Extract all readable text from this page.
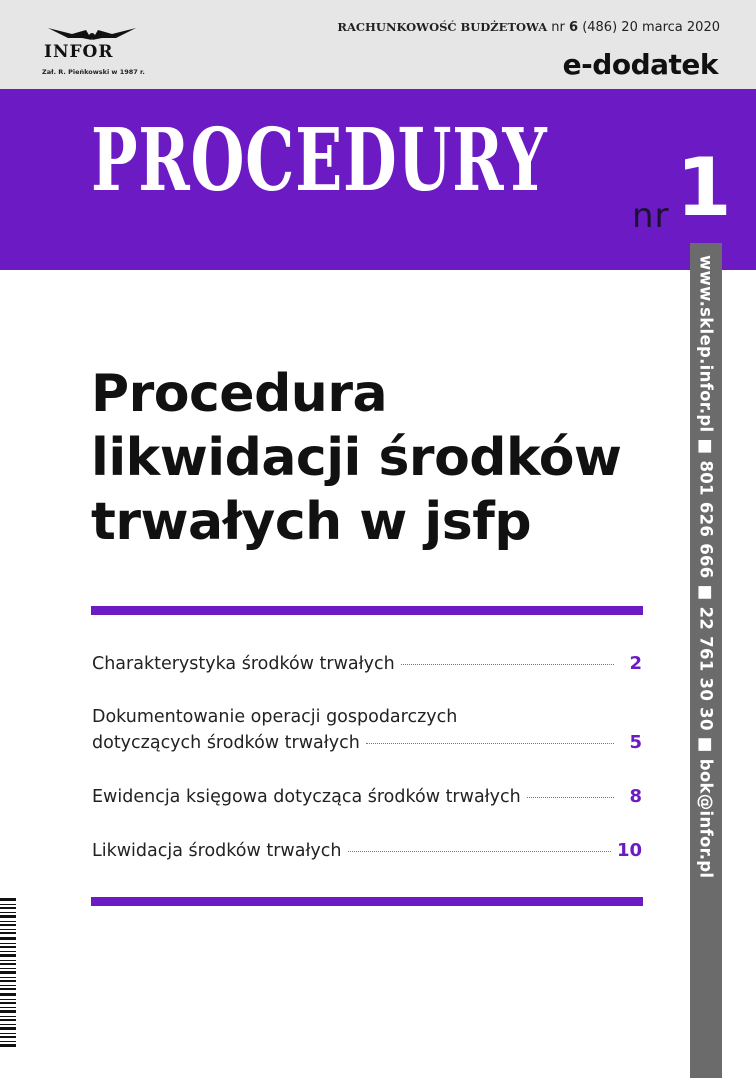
INFOR
Zał. R. Pieńkowski w 1987 r.
RACHUNKOWOŚĆ BUDŻETOWA nr 6 (486) 20 marca 2020
e-dodatek
PROCEDURY
nr 1
www.sklep.infor.pl ■ 801 626 666 ■ 22 761 30 30 ■ bok@infor.pl
Procedura
likwidacji środków
trwałych w jsfp
Charakterystyka środków trwałych	2
Dokumentowanie operacji gospodarczych
dotyczących środków trwałych	5
Ewidencja księgowa dotycząca środków trwałych	8
Likwidacja środków trwałych	10
